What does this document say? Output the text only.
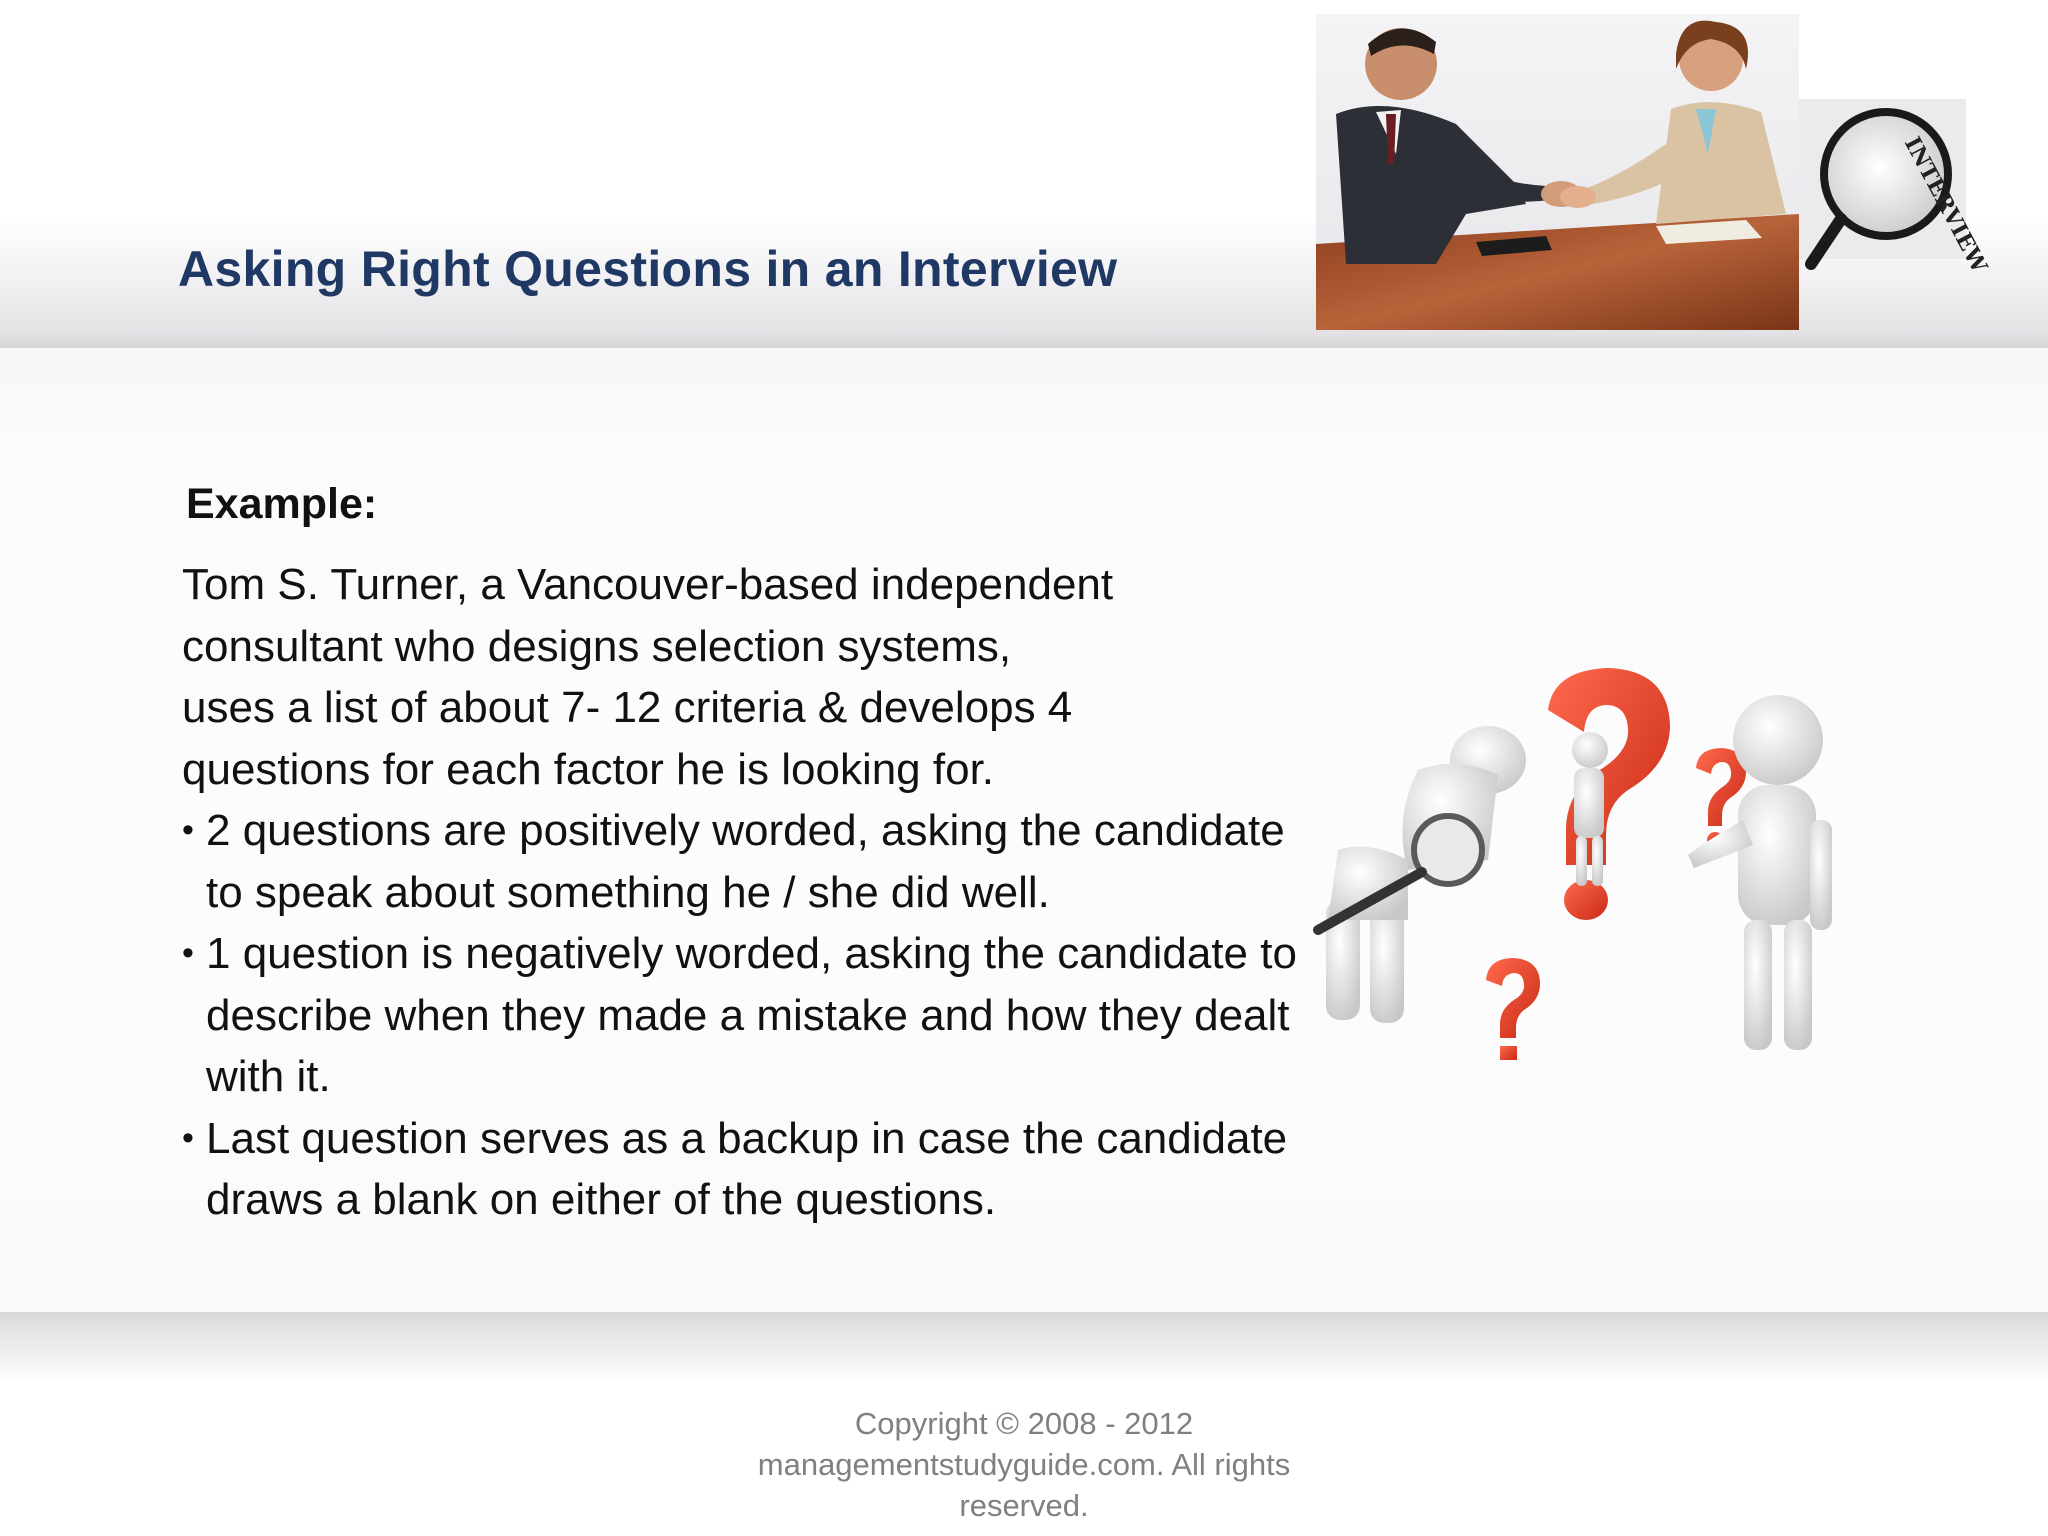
Asking Right Questions in an Interview	INTERVIEW
Example:
Tom S. Turner, a Vancouver-based independent
consultant who designs selection systems,
uses a list of about 7- 12 criteria & develops 4
questions for each factor he is looking for.
• 2 questions are positively worded, asking the candidate to speak about something he / she did well.
• 1 question is negatively worded, asking the candidate to describe when they made a mistake and how they dealt with it.
• Last question serves as a backup in case the candidate draws a blank on either of the questions.
Copyright © 2008 - 2012 managementstudyguide.com. All rights reserved.
